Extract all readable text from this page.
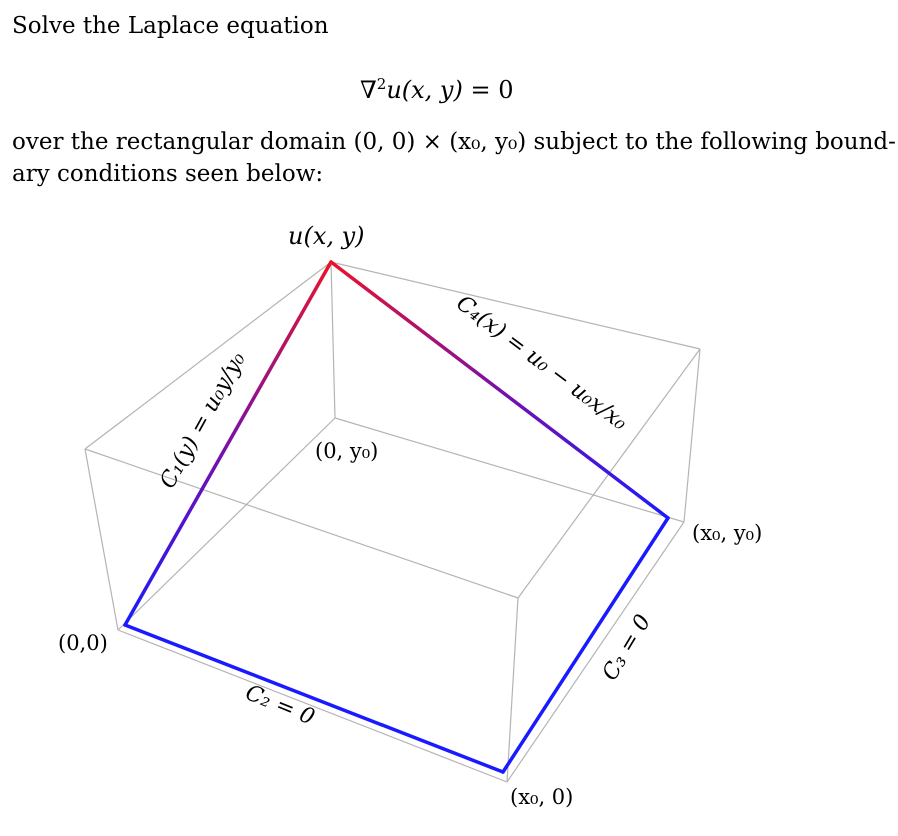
Solve the Laplace equation
∇$^2$u(x, y) = 0
over the rectangular domain (0, 0) × (x₀, y₀) subject to the following bound-
ary conditions seen below:
u(x, y)
(0,0)
(x₀, 0)
(x₀, y₀)
(0, y₀)
C₁(y) = u₀y/y₀
C₂ = 0
C₃ = 0
C₄(x) = u₀ − u₀x/x₀
